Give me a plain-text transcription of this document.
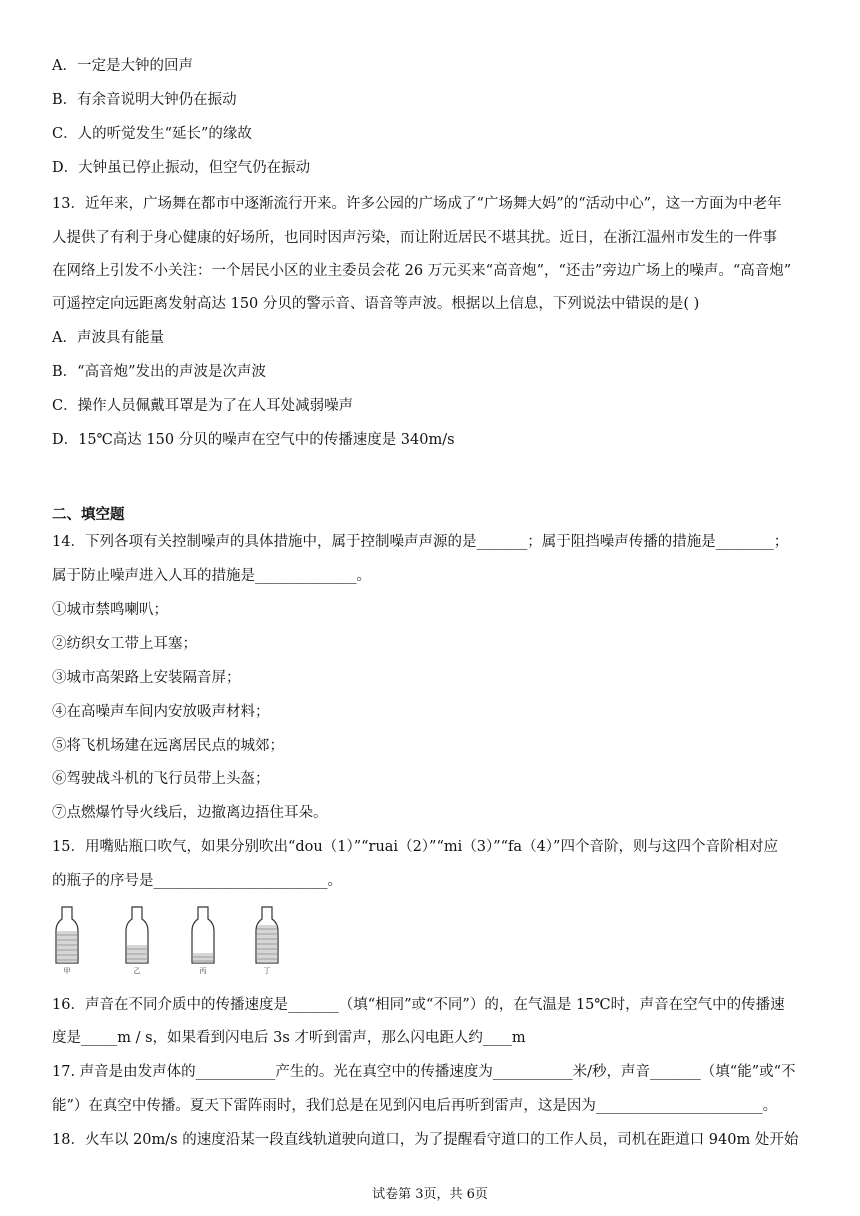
A．一定是大钟的回声
B．有余音说明大钟仍在振动
C．人的听觉发生“延长”的缘故
D．大钟虽已停止振动，但空气仍在振动
13．近年来，广场舞在都市中逐渐流行开来。许多公园的广场成了“广场舞大妈”的“活动中心”，这一方面为中老年
人提供了有利于身心健康的好场所，也同时因声污染，而让附近居民不堪其扰。近日，在浙江温州市发生的一件事
在网络上引发不小关注：一个居民小区的业主委员会花 26 万元买来“高音炮”，“还击”旁边广场上的噪声。“高音炮”
可遥控定向远距离发射高达 150 分贝的警示音、语音等声波。根据以上信息，下列说法中错误的是( )
A．声波具有能量
B．“高音炮”发出的声波是次声波
C．操作人员佩戴耳罩是为了在人耳处减弱噪声
D．15℃高达 150 分贝的噪声在空气中的传播速度是 340m/s
二、填空题
14．下列各项有关控制噪声的具体措施中，属于控制噪声声源的是_______；属于阻挡噪声传播的措施是________；
属于防止噪声进入人耳的措施是______________。
①城市禁鸣喇叭；
②纺织女工带上耳塞；
③城市高架路上安装隔音屏；
④在高噪声车间内安放吸声材料；
⑤将飞机场建在远离居民点的城郊；
⑥驾驶战斗机的飞行员带上头盔；
⑦点燃爆竹导火线后，边撤离边捂住耳朵。
15．用嘴贴瓶口吹气，如果分别吹出“dou（1）”“ruai（2）”“mi（3）”“fa（4）”四个音阶，则与这四个音阶相对应
的瓶子的序号是________________________。
甲	乙	丙	丁
16．声音在不同介质中的传播速度是_______（填“相同”或“不同”）的，在气温是 15℃时，声音在空气中的传播速
度是_____m / s，如果看到闪电后 3s 才听到雷声，那么闪电距人约____m
17. 声音是由发声体的___________产生的。光在真空中的传播速度为___________米/秒，声音_______（填“能”或“不
能”）在真空中传播。夏天下雷阵雨时，我们总是在见到闪电后再听到雷声，这是因为_______________________。
18．火车以 20m/s 的速度沿某一段直线轨道驶向道口，为了提醒看守道口的工作人员，司机在距道口 940m 处开始
试卷第 3页，共 6页
